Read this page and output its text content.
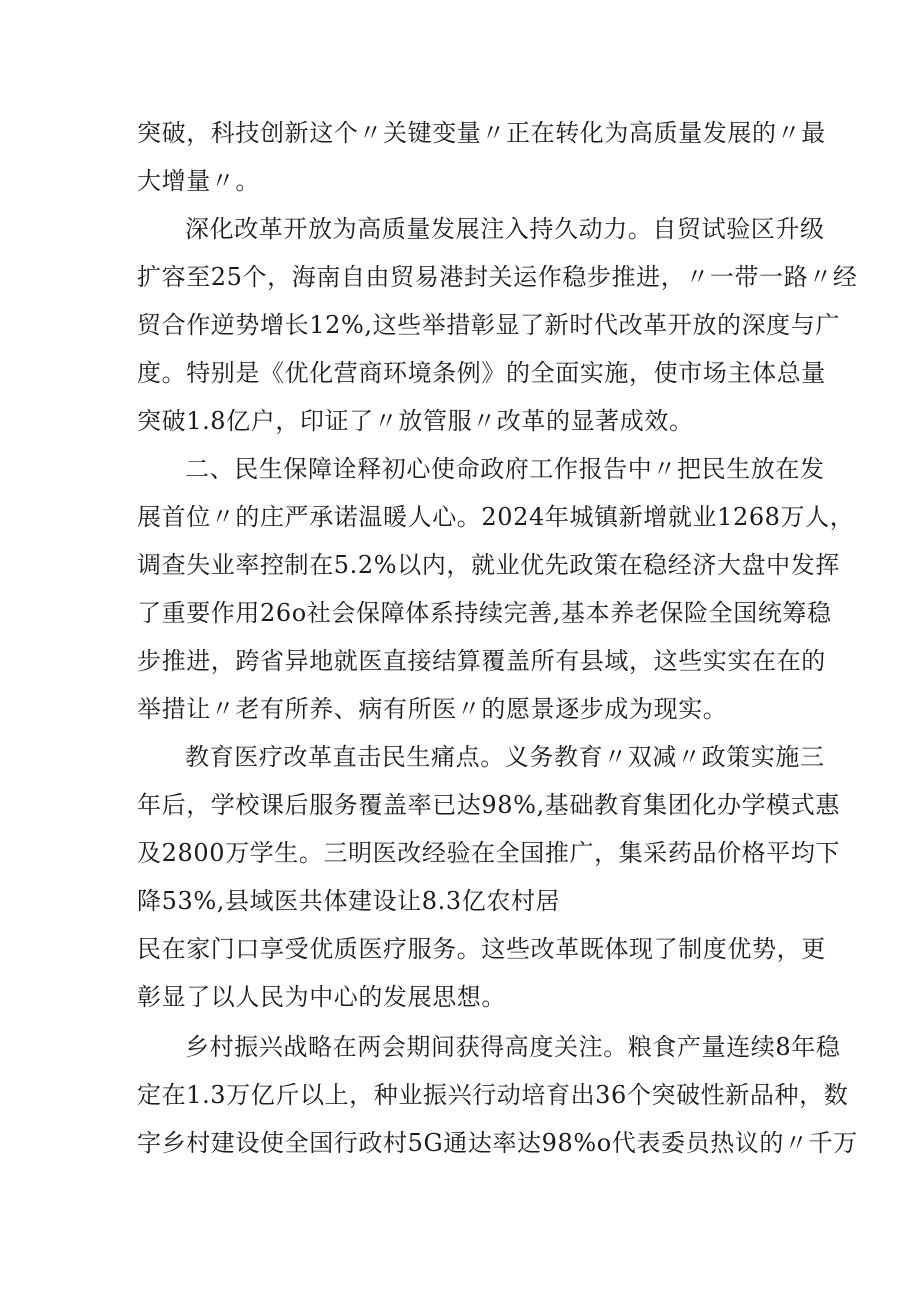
突破，科技创新这个〃关键变量〃正在转化为高质量发展的〃最
大增量〃。
深化改革开放为高质量发展注入持久动力。自贸试验区升级
扩容至25个，海南自由贸易港封关运作稳步推进，〃一带一路〃经
贸合作逆势增长12%,这些举措彰显了新时代改革开放的深度与广
度。特别是《优化营商环境条例》的全面实施，使市场主体总量
突破1.8亿户，印证了〃放管服〃改革的显著成效。
二、民生保障诠释初心使命政府工作报告中〃把民生放在发
展首位〃的庄严承诺温暖人心。2024年城镇新增就业1268万人，
调查失业率控制在5.2%以内，就业优先政策在稳经济大盘中发挥
了重要作用26o社会保障体系持续完善,基本养老保险全国统筹稳
步推进，跨省异地就医直接结算覆盖所有县域，这些实实在在的
举措让〃老有所养、病有所医〃的愿景逐步成为现实。
教育医疗改革直击民生痛点。义务教育〃双减〃政策实施三
年后，学校课后服务覆盖率已达98%,基础教育集团化办学模式惠
及2800万学生。三明医改经验在全国推广，集采药品价格平均下
降53%,县域医共体建设让8.3亿农村居
民在家门口享受优质医疗服务。这些改革既体现了制度优势，更
彰显了以人民为中心的发展思想。
乡村振兴战略在两会期间获得高度关注。粮食产量连续8年稳
定在1.3万亿斤以上，种业振兴行动培育出36个突破性新品种，数
字乡村建设使全国行政村5G通达率达98%o代表委员热议的〃千万
